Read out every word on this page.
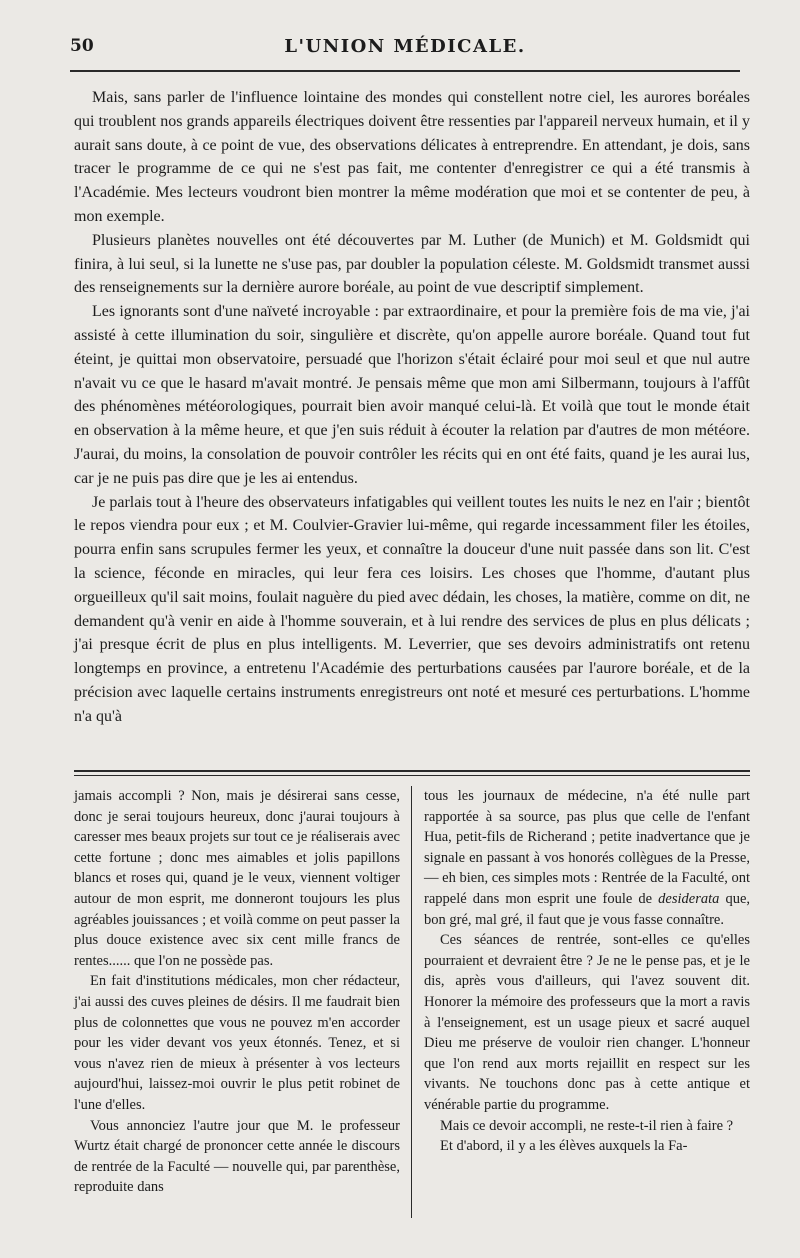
50	L'UNION MÉDICALE.

Mais, sans parler de l'influence lointaine des mondes qui constellent notre ciel, les aurores boréales qui troublent nos grands appareils électriques doivent être ressenties par l'appareil nerveux humain, et il y aurait sans doute, à ce point de vue, des observations délicates à entreprendre. En attendant, je dois, sans tracer le programme de ce qui ne s'est pas fait, me contenter d'enregistrer ce qui a été transmis à l'Académie. Mes lecteurs voudront bien montrer la même modération que moi et se contenter de peu, à mon exemple.

Plusieurs planètes nouvelles ont été découvertes par M. Luther (de Munich) et M. Goldsmidt qui finira, à lui seul, si la lunette ne s'use pas, par doubler la population céleste. M. Goldsmidt transmet aussi des renseignements sur la dernière aurore boréale, au point de vue descriptif simplement.

Les ignorants sont d'une naïveté incroyable : par extraordinaire, et pour la première fois de ma vie, j'ai assisté à cette illumination du soir, singulière et discrète, qu'on appelle aurore boréale. Quand tout fut éteint, je quittai mon observatoire, persuadé que l'horizon s'était éclairé pour moi seul et que nul autre n'avait vu ce que le hasard m'avait montré. Je pensais même que mon ami Silbermann, toujours à l'affût des phénomènes météorologiques, pourrait bien avoir manqué celui-là. Et voilà que tout le monde était en observation à la même heure, et que j'en suis réduit à écouter la relation par d'autres de mon météore. J'aurai, du moins, la consolation de pouvoir contrôler les récits qui en ont été faits, quand je les aurai lus, car je ne puis pas dire que je les ai entendus.

Je parlais tout à l'heure des observateurs infatigables qui veillent toutes les nuits le nez en l'air ; bientôt le repos viendra pour eux ; et M. Coulvier-Gravier lui-même, qui regarde incessamment filer les étoiles, pourra enfin sans scrupules fermer les yeux, et connaître la douceur d'une nuit passée dans son lit. C'est la science, féconde en miracles, qui leur fera ces loisirs. Les choses que l'homme, d'autant plus orgueilleux qu'il sait moins, foulait naguère du pied avec dédain, les choses, la matière, comme on dit, ne demandent qu'à venir en aide à l'homme souverain, et à lui rendre des services de plus en plus délicats ; j'ai presque écrit de plus en plus intelligents. M. Leverrier, que ses devoirs administratifs ont retenu longtemps en province, a entretenu l'Académie des perturbations causées par l'aurore boréale, et de la précision avec laquelle certains instruments enregistreurs ont noté et mesuré ces perturbations. L'homme n'a qu'à

jamais accompli ? Non, mais je désirerai sans cesse, donc je serai toujours heureux, donc j'aurai toujours à caresser mes beaux projets sur tout ce je réaliserais avec cette fortune ; donc mes aimables et jolis papillons blancs et roses qui, quand je le veux, viennent voltiger autour de mon esprit, me donneront toujours les plus agréables jouissances ; et voilà comme on peut passer la plus douce existence avec six cent mille francs de rentes...... que l'on ne possède pas.

En fait d'institutions médicales, mon cher rédacteur, j'ai aussi des cuves pleines de désirs. Il me faudrait bien plus de colonnettes que vous ne pouvez m'en accorder pour les vider devant vos yeux étonnés. Tenez, et si vous n'avez rien de mieux à présenter à vos lecteurs aujourd'hui, laissez-moi ouvrir le plus petit robinet de l'une d'elles.

Vous annonciez l'autre jour que M. le professeur Wurtz était chargé de prononcer cette année le discours de rentrée de la Faculté — nouvelle qui, par parenthèse, reproduite dans

tous les journaux de médecine, n'a été nulle part rapportée à sa source, pas plus que celle de l'enfant Hua, petit-fils de Richerand ; petite inadvertance que je signale en passant à vos honorés collègues de la Presse, — eh bien, ces simples mots : Rentrée de la Faculté, ont rappelé dans mon esprit une foule de desiderata que, bon gré, mal gré, il faut que je vous fasse connaître.

Ces séances de rentrée, sont-elles ce qu'elles pourraient et devraient être ? Je ne le pense pas, et je le dis, après vous d'ailleurs, qui l'avez souvent dit. Honorer la mémoire des professeurs que la mort a ravis à l'enseignement, est un usage pieux et sacré auquel Dieu me préserve de vouloir rien changer. L'honneur que l'on rend aux morts rejaillit en respect sur les vivants. Ne touchons donc pas à cette antique et vénérable partie du programme.

Mais ce devoir accompli, ne reste-t-il rien à faire ?

Et d'abord, il y a les élèves auxquels la Fa-
